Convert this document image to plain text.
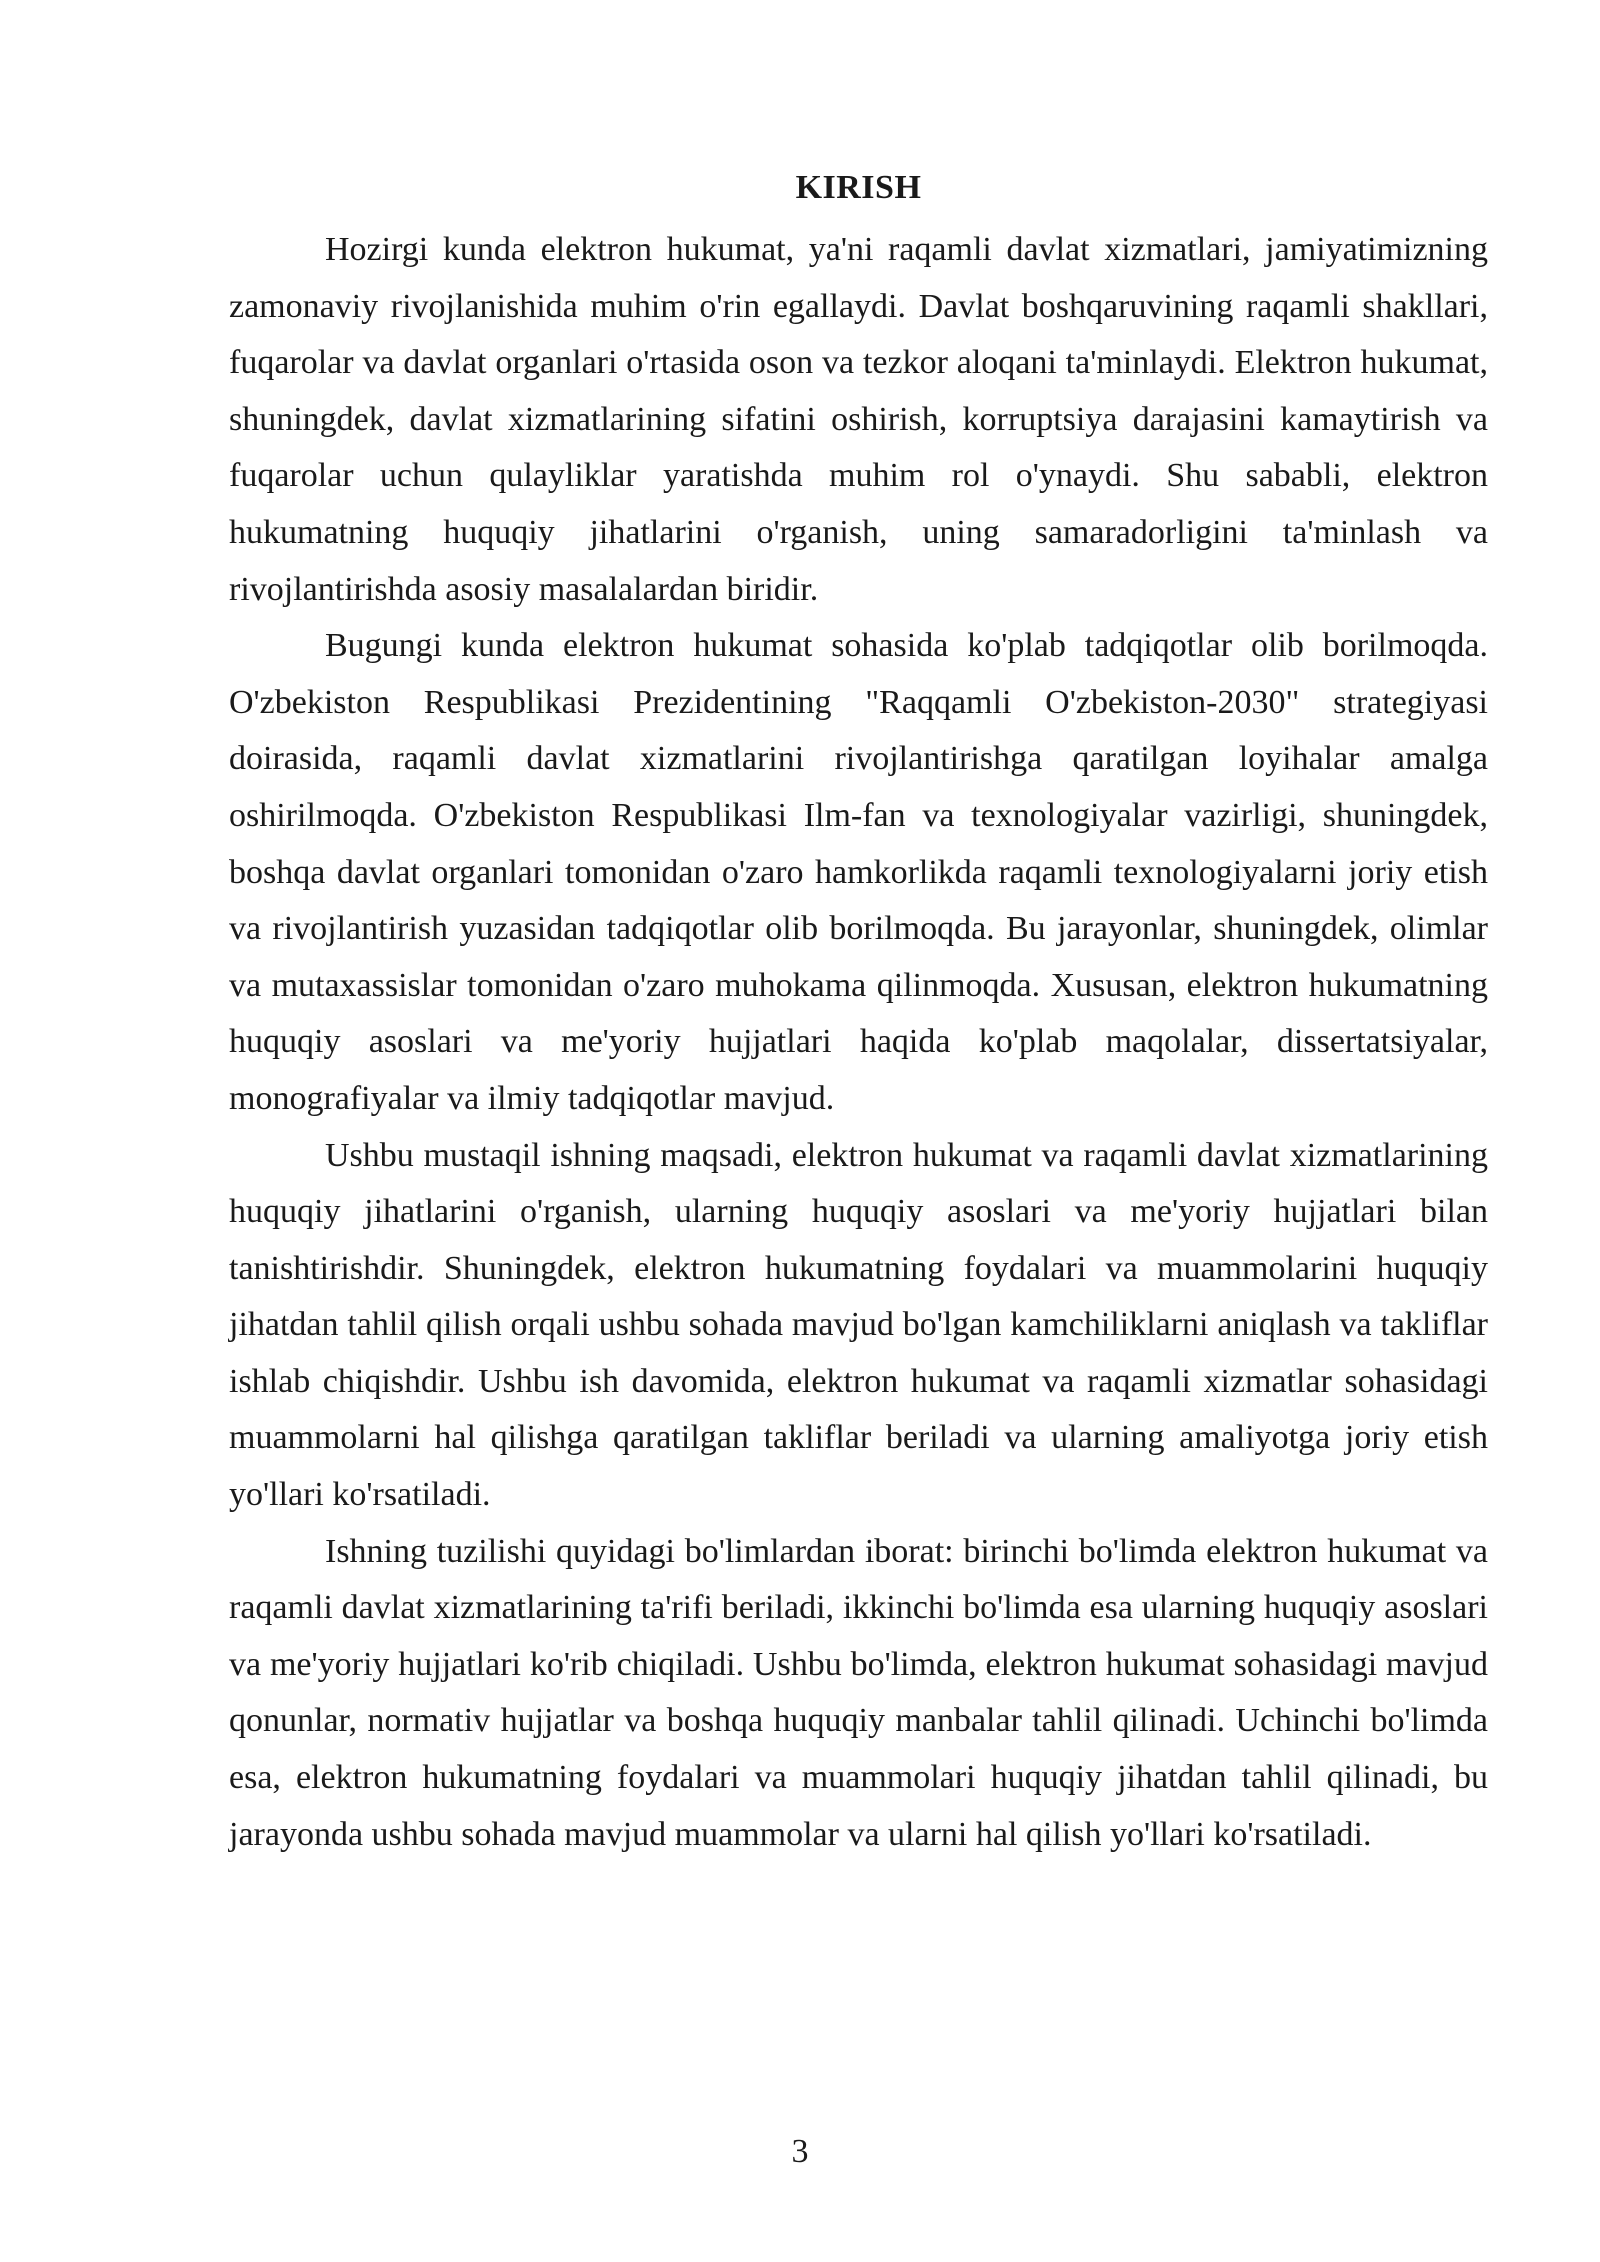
KIRISH

Hozirgi kunda elektron hukumat, ya'ni raqamli davlat xizmatlari, jamiyatimizning zamonaviy rivojlanishida muhim o'rin egallaydi. Davlat boshqaruvining raqamli shakllari, fuqarolar va davlat organlari o'rtasida oson va tezkor aloqani ta'minlaydi. Elektron hukumat, shuningdek, davlat xizmatlarining sifatini oshirish, korruptsiya darajasini kamaytirish va fuqarolar uchun qulayliklar yaratishda muhim rol o'ynaydi. Shu sababli, elektron hukumatning huquqiy jihatlarini o'rganish, uning samaradorligini ta'minlash va rivojlantirishda asosiy masalalardan biridir.

Bugungi kunda elektron hukumat sohasida ko'plab tadqiqotlar olib borilmoqda. O'zbekiston Respublikasi Prezidentining "Raqqamli O'zbekiston-2030" strategiyasi doirasida, raqamli davlat xizmatlarini rivojlantirishga qaratilgan loyihalar amalga oshirilmoqda. O'zbekiston Respublikasi Ilm-fan va texnologiyalar vazirligi, shuningdek, boshqa davlat organlari tomonidan o'zaro hamkorlikda raqamli texnologiyalarni joriy etish va rivojlantirish yuzasidan tadqiqotlar olib borilmoqda. Bu jarayonlar, shuningdek, olimlar va mutaxassislar tomonidan o'zaro muhokama qilinmoqda. Xususan, elektron hukumatning huquqiy asoslari va me'yoriy hujjatlari haqida ko'plab maqolalar, dissertatsiyalar, monografiyalar va ilmiy tadqiqotlar mavjud.

Ushbu mustaqil ishning maqsadi, elektron hukumat va raqamli davlat xizmatlarining huquqiy jihatlarini o'rganish, ularning huquqiy asoslari va me'yoriy hujjatlari bilan tanishtirishdir. Shuningdek, elektron hukumatning foydalari va muammolarini huquqiy jihatdan tahlil qilish orqali ushbu sohada mavjud bo'lgan kamchiliklarni aniqlash va takliflar ishlab chiqishdir. Ushbu ish davomida, elektron hukumat va raqamli xizmatlar sohasidagi muammolarni hal qilishga qaratilgan takliflar beriladi va ularning amaliyotga joriy etish yo'llari ko'rsatiladi.

Ishning tuzilishi quyidagi bo'limlardan iborat: birinchi bo'limda elektron hukumat va raqamli davlat xizmatlarining ta'rifi beriladi, ikkinchi bo'limda esa ularning huquqiy asoslari va me'yoriy hujjatlari ko'rib chiqiladi. Ushbu bo'limda, elektron hukumat sohasidagi mavjud qonunlar, normativ hujjatlar va boshqa huquqiy manbalar tahlil qilinadi. Uchinchi bo'limda esa, elektron hukumatning foydalari va muammolari huquqiy jihatdan tahlil qilinadi, bu jarayonda ushbu sohada mavjud muammolar va ularni hal qilish yo'llari ko'rsatiladi.

3
